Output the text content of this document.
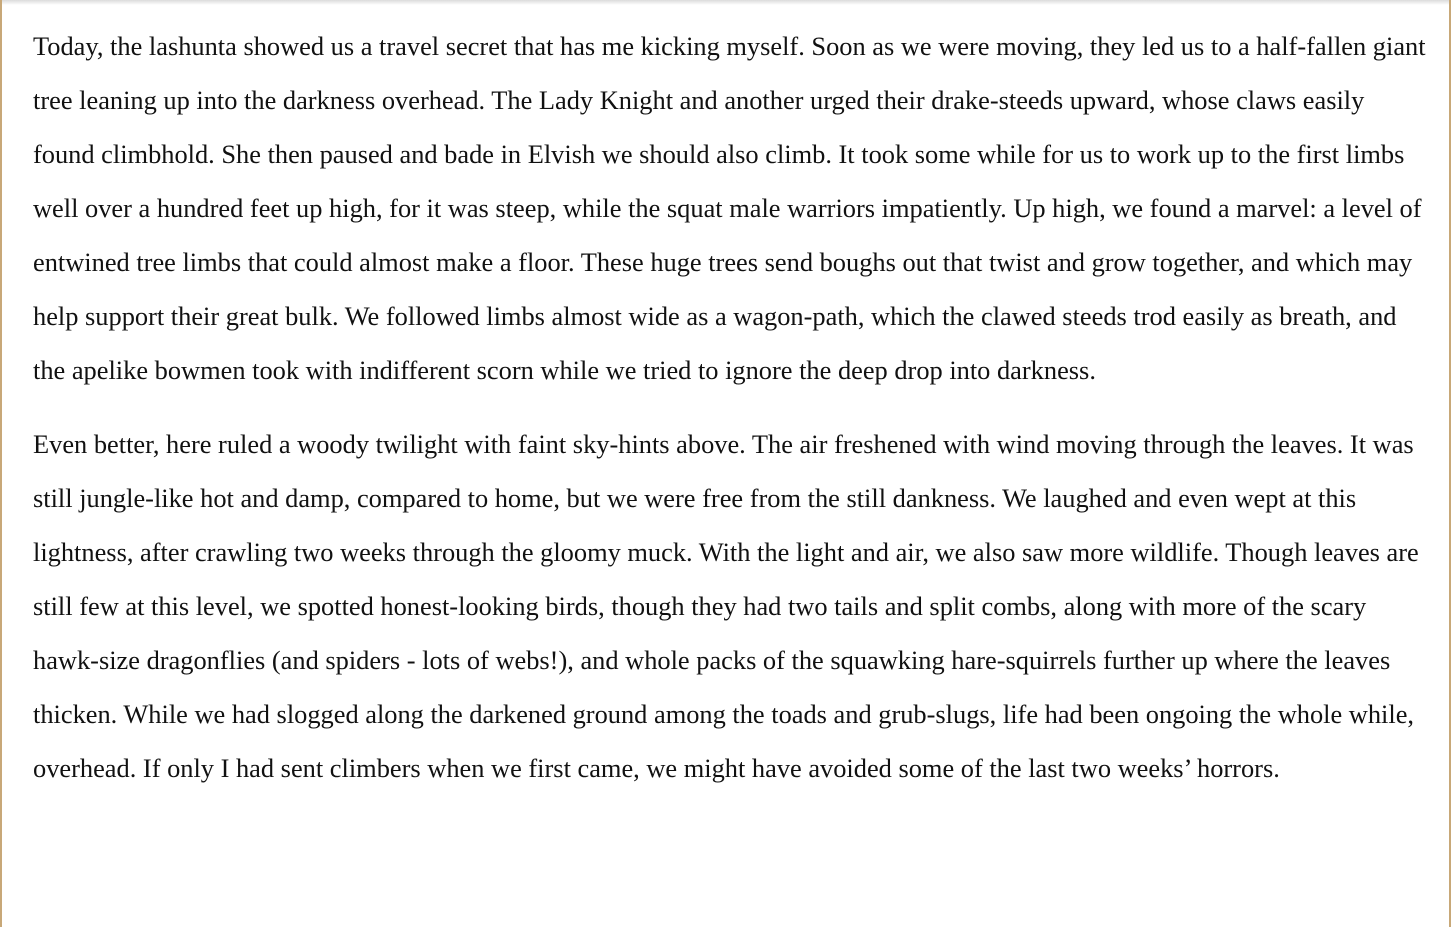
Today, the lashunta showed us a travel secret that has me kicking myself. Soon as we were moving, they led us to a half-fallen giant tree leaning up into the darkness overhead. The Lady Knight and another urged their drake-steeds upward, whose claws easily found climbhold. She then paused and bade in Elvish we should also climb. It took some while for us to work up to the first limbs well over a hundred feet up high, for it was steep, while the squat male warriors impatiently. Up high, we found a marvel: a level of entwined tree limbs that could almost make a floor. These huge trees send boughs out that twist and grow together, and which may help support their great bulk. We followed limbs almost wide as a wagon-path, which the clawed steeds trod easily as breath, and the apelike bowmen took with indifferent scorn while we tried to ignore the deep drop into darkness.

Even better, here ruled a woody twilight with faint sky-hints above. The air freshened with wind moving through the leaves. It was still jungle-like hot and damp, compared to home, but we were free from the still dankness. We laughed and even wept at this lightness, after crawling two weeks through the gloomy muck. With the light and air, we also saw more wildlife. Though leaves are still few at this level, we spotted honest-looking birds, though they had two tails and split combs, along with more of the scary hawk-size dragonflies (and spiders - lots of webs!), and whole packs of the squawking hare-squirrels further up where the leaves thicken. While we had slogged along the darkened ground among the toads and grub-slugs, life had been ongoing the whole while, overhead. If only I had sent climbers when we first came, we might have avoided some of the last two weeks’ horrors.
